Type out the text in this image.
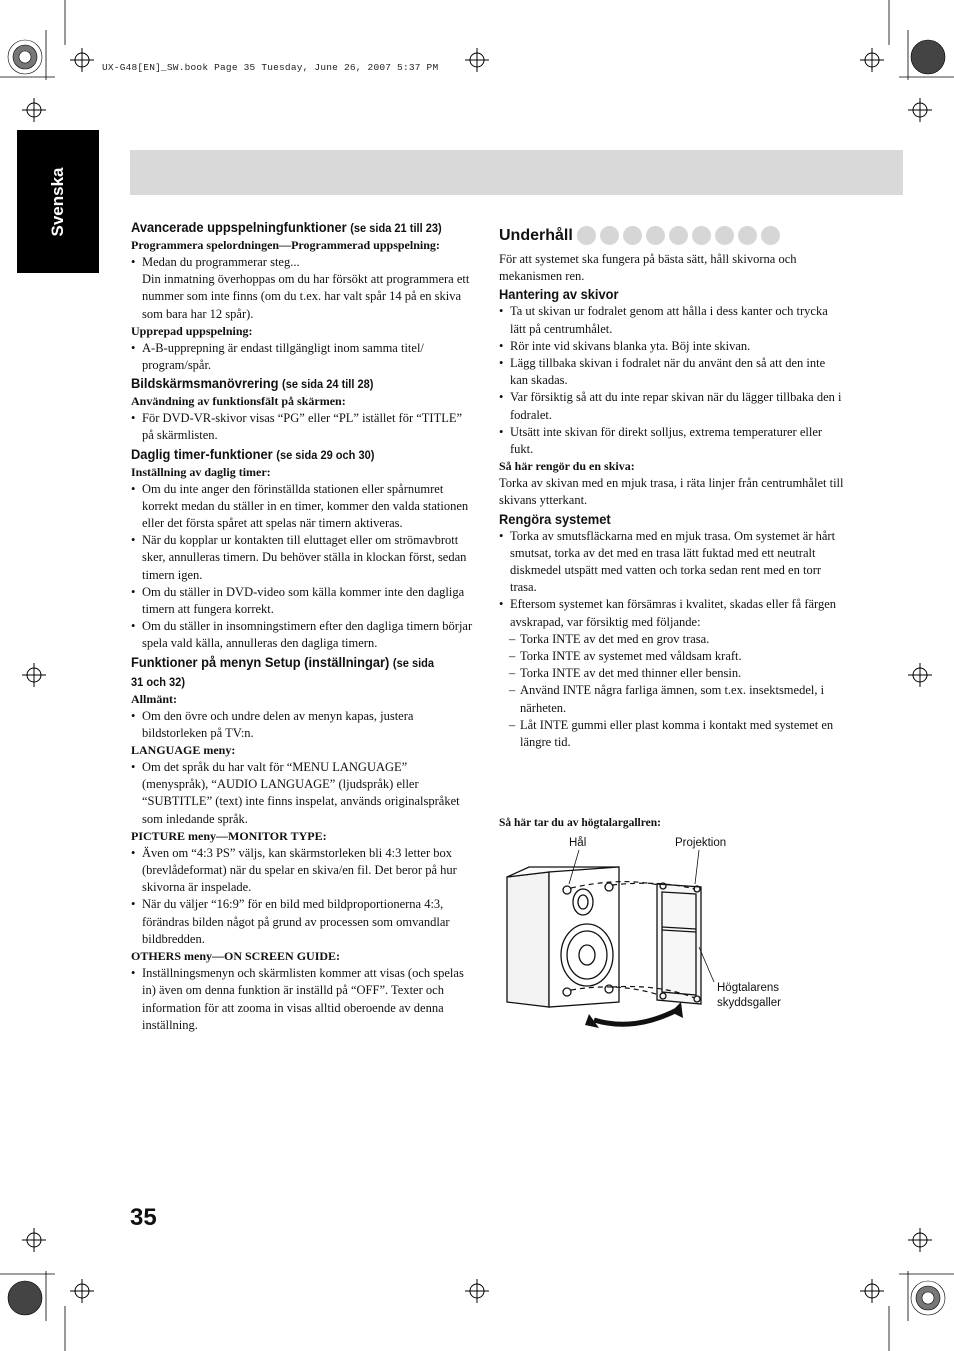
UX-G48[EN]_SW.book Page 35 Tuesday, June 26, 2007 5:37 PM
Svenska	Avancerade uppspelningfunktioner (se sida 21 till 23)

Programmera spelordningen—Programmerad uppspelning:

• Medan du programmerar steg...

Din inmatning överhoppas om du har försökt att programmera ett nummer som inte finns (om du t.ex. har valt spår 14 på en skiva som bara har 12 spår).

Upprepad uppspelning:

• A-B-upprepning är endast tillgängligt inom samma titel/ program/spår.

Bildskärmsmanövrering (se sida 24 till 28)

Användning av funktionsfält på skärmen:

• För DVD-VR-skivor visas “PG” eller “PL” istället för “TITLE” på skärmlisten.

Daglig timer-funktioner (se sida 29 och 30)

Inställning av daglig timer:

• Om du inte anger den förinställda stationen eller spårnumret korrekt medan du ställer in en timer, kommer den valda stationen eller det första spåret att spelas när timern aktiveras.

• När du kopplar ur kontakten till eluttaget eller om strömavbrott sker, annulleras timern. Du behöver ställa in klockan först, sedan timern igen.

• Om du ställer in DVD-video som källa kommer inte den dagliga timern att fungera korrekt.

• Om du ställer in insomningstimern efter den dagliga timern börjar spela vald källa, annulleras den dagliga timern.

Funktioner på menyn Setup (inställningar) (se sida 31 och 32)

Allmänt:

• Om den övre och undre delen av menyn kapas, justera bildstorleken på TV:n.

LANGUAGE meny:

• Om det språk du har valt för “MENU LANGUAGE” (menyspråk), “AUDIO LANGUAGE” (ljudspråk) eller “SUBTITLE” (text) inte finns inspelat, används originalspråket som inledande språk.

PICTURE meny—MONITOR TYPE:

• Även om “4:3 PS” väljs, kan skärmstorleken bli 4:3 letter box (brevlådeformat) när du spelar en skiva/en fil. Det beror på hur skivorna är inspelade.

• När du väljer “16:9” för en bild med bildproportionerna 4:3, förändras bilden något på grund av processen som omvandlar bildbredden.

OTHERS meny—ON SCREEN GUIDE:

• Inställningsmenyn och skärmlisten kommer att visas (och spelas in) även om denna funktion är inställd på “OFF”. Texter och information för att zooma in visas alltid oberoende av denna inställning.

Underhåll

För att systemet ska fungera på bästa sätt, håll skivorna och mekanismen ren.

Hantering av skivor

• Ta ut skivan ur fodralet genom att hålla i dess kanter och trycka lätt på centrumhålet.

• Rör inte vid skivans blanka yta. Böj inte skivan.

• Lägg tillbaka skivan i fodralet när du använt den så att den inte kan skadas.

• Var försiktig så att du inte repar skivan när du lägger tillbaka den i fodralet.

• Utsätt inte skivan för direkt solljus, extrema temperaturer eller fukt.

Så här rengör du en skiva:

Torka av skivan med en mjuk trasa, i räta linjer från centrumhålet till skivans ytterkant.

Rengöra systemet

• Torka av smutsfläckarna med en mjuk trasa. Om systemet är hårt smutsat, torka av det med en trasa lätt fuktad med ett neutralt diskmedel utspätt med vatten och torka sedan rent med en torr trasa.

• Eftersom systemet kan försämras i kvalitet, skadas eller få färgen avskrapad, var försiktig med följande:

– Torka INTE av det med en grov trasa.

– Torka INTE av systemet med våldsam kraft.

– Torka INTE av det med thinner eller bensin.

– Använd INTE några farliga ämnen, som t.ex. insektsmedel, i närheten.

– Låt INTE gummi eller plast komma i kontakt med systemet en längre tid.

Så här tar du av högtalargallren:
Hål	Projektion
Högtalarens
skyddsgaller
35
